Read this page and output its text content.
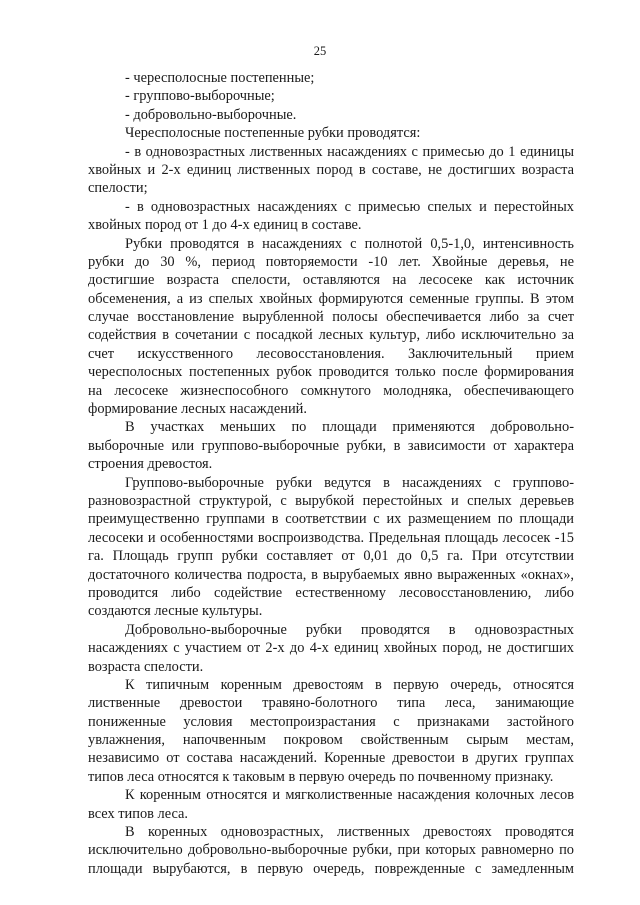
25
- чересполосные постепенные;
- группово-выборочные;
- добровольно-выборочные.
Чересполосные постепенные рубки проводятся:
- в одновозрастных лиственных насаждениях с примесью до 1 единицы
хвойных и 2-х единиц лиственных пород в составе, не достигших возраста
спелости;
- в одновозрастных насаждениях с примесью спелых и перестойных
хвойных пород от 1 до 4-х единиц в составе.
Рубки проводятся в насаждениях с полнотой 0,5-1,0, интенсивность
рубки до 30 %, период повторяемости -10 лет. Хвойные деревья, не
достигшие возраста спелости, оставляются на лесосеке как источник
обсеменения, а из спелых хвойных формируются семенные группы. В этом
случае восстановление вырубленной полосы обеспечивается либо за счет
содействия в сочетании с посадкой лесных культур, либо исключительно за
счет искусственного лесовосстановления. Заключительный прием
чересполосных постепенных рубок проводится только после формирования
на лесосеке жизнеспособного сомкнутого молодняка, обеспечивающего
формирование лесных насаждений.
В участках меньших по площади применяются добровольно-
выборочные или группово-выборочные рубки, в зависимости от характера
строения древостоя.
Группово-выборочные рубки ведутся в насаждениях с группово-
разновозрастной структурой, с вырубкой перестойных и спелых деревьев
преимущественно группами в соответствии с их размещением по площади
лесосеки и особенностями воспроизводства. Предельная площадь лесосек -15
га. Площадь групп рубки составляет от 0,01 до 0,5 га. При отсутствии
достаточного количества подроста, в вырубаемых явно выраженных «окнах»,
проводится либо содействие естественному лесовосстановлению, либо
создаются лесные культуры.
Добровольно-выборочные рубки проводятся в одновозрастных
насаждениях с участием от 2-х до 4-х единиц хвойных пород, не достигших
возраста спелости.
К типичным коренным древостоям в первую очередь, относятся
лиственные древостои травяно-болотного типа леса, занимающие
пониженные условия местопроизрастания с признаками застойного
увлажнения, напочвенным покровом свойственным сырым местам,
независимо от состава насаждений. Коренные древостои в других группах
типов леса относятся к таковым в первую очередь по почвенному признаку.
К коренным относятся и мягколиственные насаждения колочных лесов
всех типов леса.
В коренных одновозрастных, лиственных древостоях проводятся
исключительно добровольно-выборочные рубки, при которых равномерно по
площади вырубаются, в первую очередь, поврежденные с замедленным
